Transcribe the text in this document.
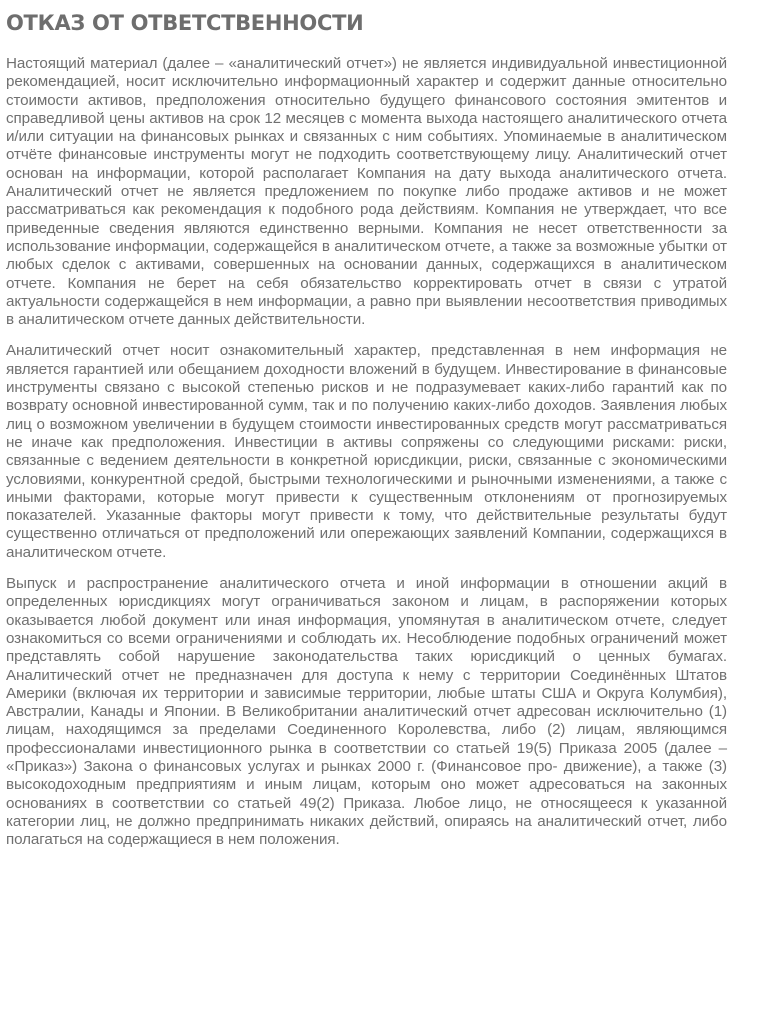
ОТКАЗ ОТ ОТВЕТСТВЕННОСТИ

Настоящий материал (далее – «аналитический отчет») не является индивидуальной инвестиционной рекомендацией, носит исключительно информационный характер и содержит данные относительно стоимости активов, предположения относительно будущего финансового состояния эмитентов и справедливой цены активов на срок 12 месяцев с момента выхода настоящего аналитического отчета и/или ситуации на финансовых рынках и связанных с ним событиях. Упоминаемые в аналитическом отчёте финансовые инструменты могут не подходить соответствующему лицу. Аналитический отчет основан на информации, которой располагает Компания на дату выхода аналитического отчета. Аналитический отчет не является предложением по покупке либо продаже активов и не может рассматриваться как рекомендация к подобного рода действиям. Компания не утверждает, что все приведенные сведения являются единственно верными. Компания не несет ответственности за использование информации, содержащейся в аналитическом отчете, а также за возможные убытки от любых сделок с активами, совершенных на основании данных, содержащихся в аналитическом отчете. Компания не берет на себя обязательство корректировать отчет в связи с утратой актуальности содержащейся в нем информации, а равно при выявлении несоответствия приводимых в аналитическом отчете данных действительности.

Аналитический отчет носит ознакомительный характер, представленная в нем информация не является гарантией или обещанием доходности вложений в будущем. Инвестирование в финансовые инструменты связано с высокой степенью рисков и не подразумевает каких-либо гарантий как по возврату основной инвестированной сумм, так и по получению каких-либо доходов. Заявления любых лиц о возможном увеличении в будущем стоимости инвестированных средств могут рассматриваться не иначе как предположения. Инвестиции в активы сопряжены со следующими рисками: риски, связанные с ведением деятельности в конкретной юрисдикции, риски, связанные с экономическими условиями, конкурентной средой, быстрыми технологическими и рыночными изменениями, а также с иными факторами, которые могут привести к существенным отклонениям от прогнозируемых показателей. Указанные факторы могут привести к тому, что действительные результаты будут существенно отличаться от предположений или опережающих заявлений Компании, содержащихся в аналитическом отчете.

Выпуск и распространение аналитического отчета и иной информации в отношении акций в определенных юрисдикциях могут ограничиваться законом и лицам, в распоряжении которых оказывается любой документ или иная информация, упомянутая в аналитическом отчете, следует ознакомиться со всеми ограничениями и соблюдать их. Несоблюдение подобных ограничений может представлять собой нарушение законодательства таких юрисдикций о ценных бумагах. Аналитический отчет не предназначен для доступа к нему с территории Соединённых Штатов Америки (включая их территории и зависимые территории, любые штаты США и Округа Колумбия), Австралии, Канады и Японии. В Великобритании аналитический отчет адресован исключительно (1) лицам, находящимся за пределами Соединенного Королевства, либо (2) лицам, являющимся профессионалами инвестиционного рынка в соответствии со статьей 19(5) Приказа 2005 (далее – «Приказ») Закона о финансовых услугах и рынках 2000 г. (Финансовое про- движение), а также (3) высокодоходным предприятиям и иным лицам, которым оно может адресоваться на законных основаниях в соответствии со статьей 49(2) Приказа. Любое лицо, не относящееся к указанной категории лиц, не должно предпринимать никаких действий, опираясь на аналитический отчет, либо полагаться на содержащиеся в нем положения.
